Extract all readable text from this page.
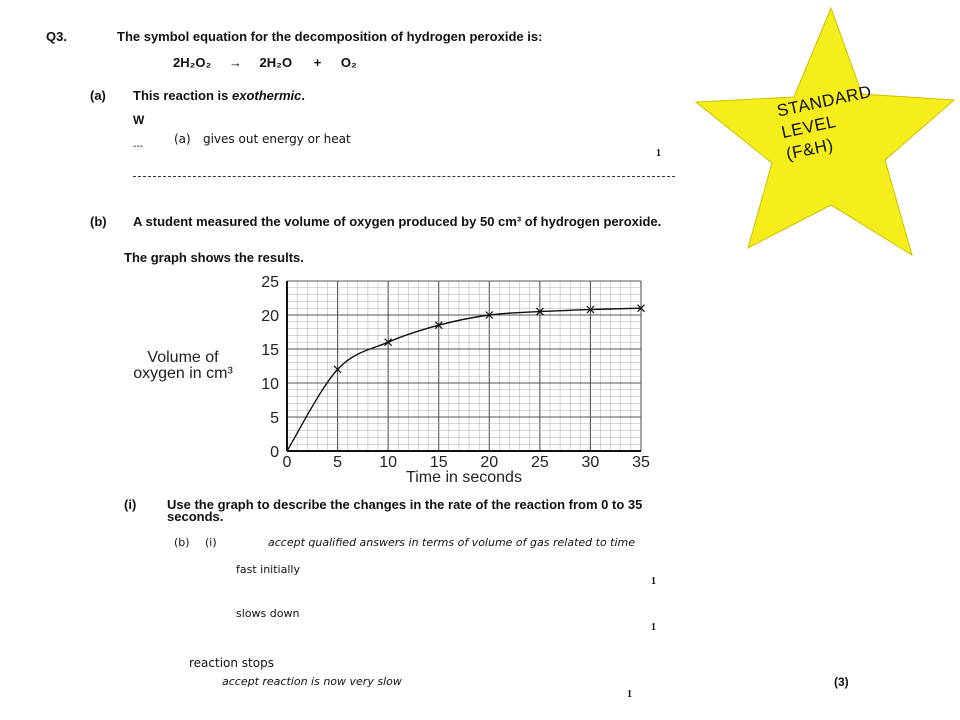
STANDARD
LEVEL
(F&H)
Q3.	The symbol equation for the decomposition of hydrogen peroxide is:
2H₂O₂ → 2H₂O + O₂
(a) This reaction is exothermic.
W
---
(a) gives out energy or heat
1
(b) A student measured the volume of oxygen produced by 50 cm³ of hydrogen peroxide.
The graph shows the results.
0
5
10
15
20
25
0	5 10 15 20 25 30 35
Time in seconds
Volume of
oxygen in cm³
(i) Use the graph to describe the changes in the rate of the reaction from 0 to 35
seconds.
(b) (i)	accept qualified answers in terms of volume of gas related to time
fast initially
1
slows down
1
reaction stops
accept reaction is now very slow	(3)
1
